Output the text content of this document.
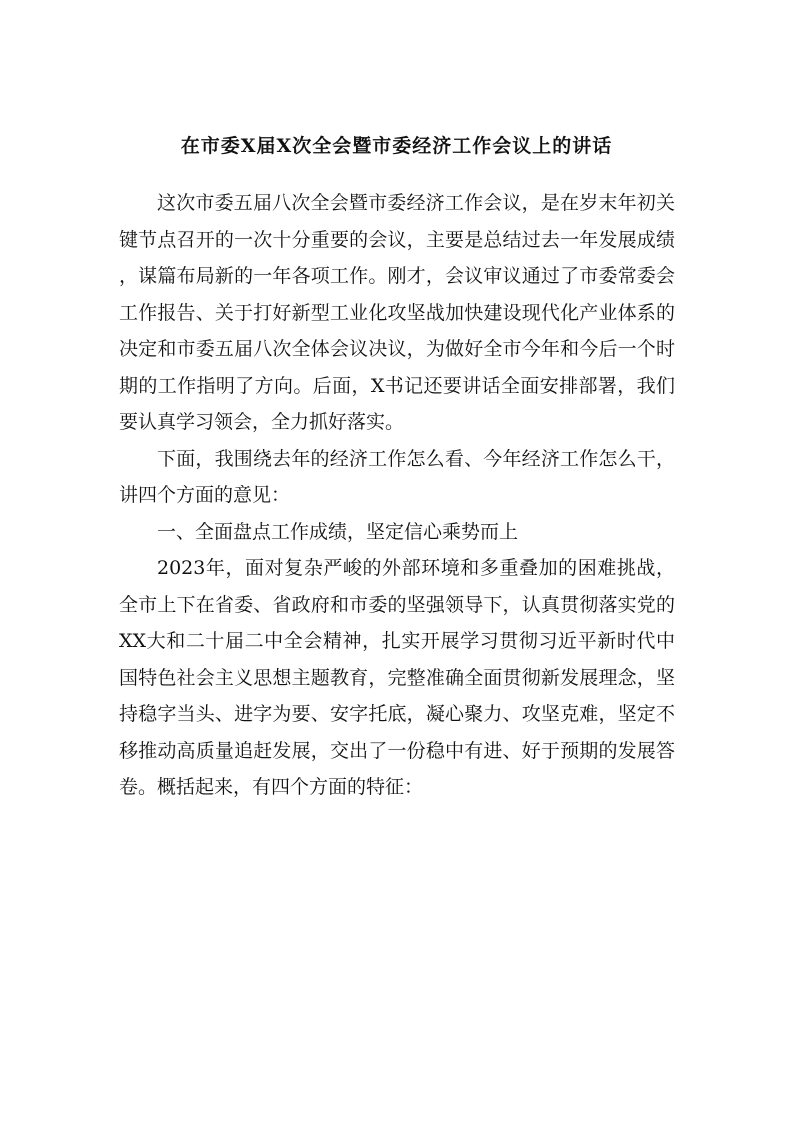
在市委X届X次全会暨市委经济工作会议上的讲话

这次市委五届八次全会暨市委经济工作会议，是在岁末年初关键节点召开的一次十分重要的会议，主要是总结过去一年发展成绩，谋篇布局新的一年各项工作。刚才，会议审议通过了市委常委会工作报告、关于打好新型工业化攻坚战加快建设现代化产业体系的决定和市委五届八次全体会议决议，为做好全市今年和今后一个时期的工作指明了方向。后面，X书记还要讲话全面安排部署，我们要认真学习领会，全力抓好落实。

下面，我围绕去年的经济工作怎么看、今年经济工作怎么干，讲四个方面的意见：

一、全面盘点工作成绩，坚定信心乘势而上

2023年，面对复杂严峻的外部环境和多重叠加的困难挑战，全市上下在省委、省政府和市委的坚强领导下，认真贯彻落实党的XX大和二十届二中全会精神，扎实开展学习贯彻习近平新时代中国特色社会主义思想主题教育，完整准确全面贯彻新发展理念，坚持稳字当头、进字为要、安字托底，凝心聚力、攻坚克难，坚定不移推动高质量追赶发展，交出了一份稳中有进、好于预期的发展答卷。概括起来，有四个方面的特征：
